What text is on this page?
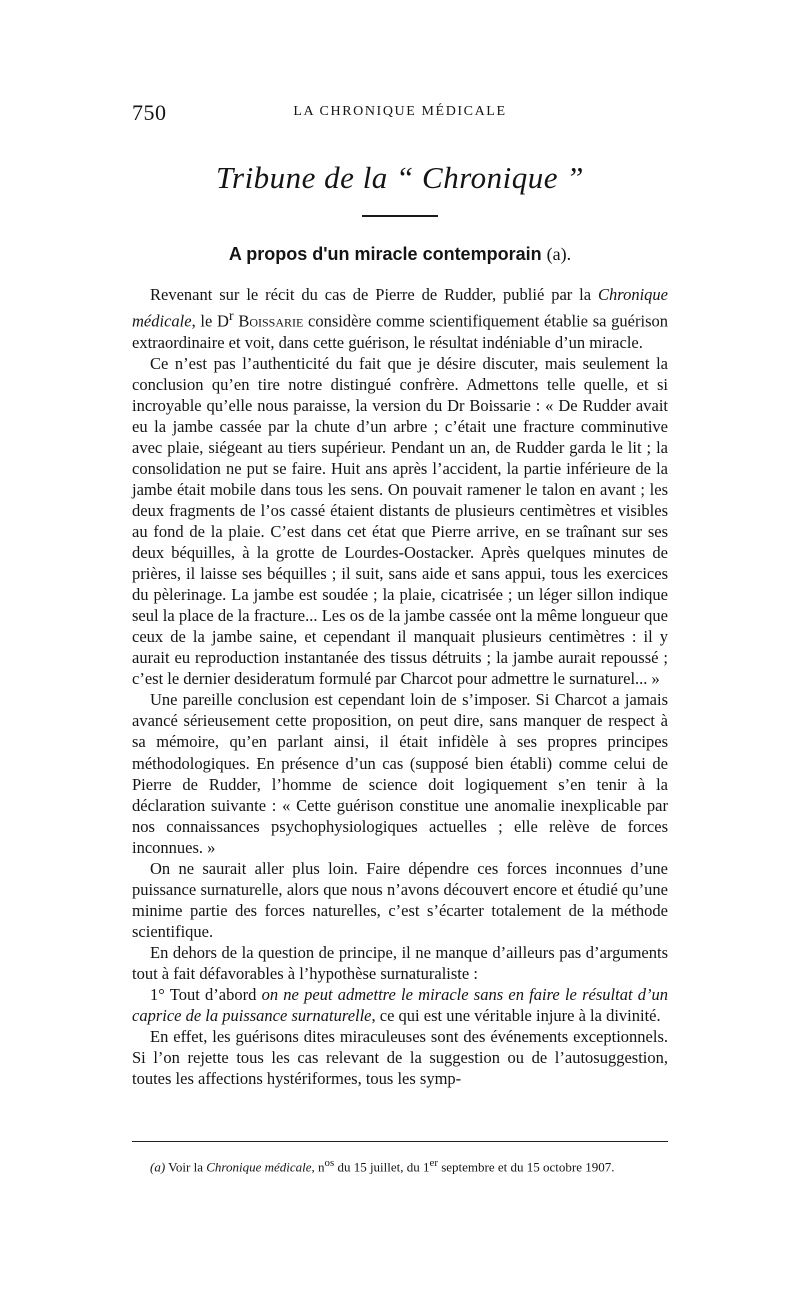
750	LA CHRONIQUE MÉDICALE
Tribune de la “ Chronique ”
A propos d'un miracle contemporain (a).

Revenant sur le récit du cas de Pierre de Rudder, publié par la Chronique médicale, le $D^r$ Boissarie considère comme scientifiquement établie sa guérison extraordinaire et voit, dans cette guérison, le résultat indéniable d’un miracle.

Ce n’est pas l’authenticité du fait que je désire discuter, mais seulement la conclusion qu’en tire notre distingué confrère. Admettons telle quelle, et si incroyable qu’elle nous paraisse, la version du Dr Boissarie : « De Rudder avait eu la jambe cassée par la chute d’un arbre ; c’était une fracture comminutive avec plaie, siégeant au tiers supérieur. Pendant un an, de Rudder garda le lit ; la consolidation ne put se faire. Huit ans après l’accident, la partie inférieure de la jambe était mobile dans tous les sens. On pouvait ramener le talon en avant ; les deux fragments de l’os cassé étaient distants de plusieurs centimètres et visibles au fond de la plaie. C’est dans cet état que Pierre arrive, en se traînant sur ses deux béquilles, à la grotte de Lourdes-Oostacker. Après quelques minutes de prières, il laisse ses béquilles ; il suit, sans aide et sans appui, tous les exercices du pèlerinage. La jambe est soudée ; la plaie, cicatrisée ; un léger sillon indique seul la place de la fracture... Les os de la jambe cassée ont la même longueur que ceux de la jambe saine, et cependant il manquait plusieurs centimètres : il y aurait eu reproduction instantanée des tissus détruits ; la jambe aurait repoussé ; c’est le dernier desideratum formulé par Charcot pour admettre le surnaturel... »

Une pareille conclusion est cependant loin de s’imposer. Si Charcot a jamais avancé sérieusement cette proposition, on peut dire, sans manquer de respect à sa mémoire, qu’en parlant ainsi, il était infidèle à ses propres principes méthodologiques. En présence d’un cas (supposé bien établi) comme celui de Pierre de Rudder, l’homme de science doit logiquement s’en tenir à la déclaration suivante : « Cette guérison constitue une anomalie inexplicable par nos connaissances psychophysiologiques actuelles ; elle relève de forces inconnues. »

On ne saurait aller plus loin. Faire dépendre ces forces inconnues d’une puissance surnaturelle, alors que nous n’avons découvert encore et étudié qu’une minime partie des forces naturelles, c’est s’écarter totalement de la méthode scientifique.

En dehors de la question de principe, il ne manque d’ailleurs pas d’arguments tout à fait défavorables à l’hypothèse surnaturaliste :

1° Tout d’abord on ne peut admettre le miracle sans en faire le résultat d’un caprice de la puissance surnaturelle, ce qui est une véritable injure à la divinité.

En effet, les guérisons dites miraculeuses sont des événements exceptionnels. Si l’on rejette tous les cas relevant de la suggestion ou de l’autosuggestion, toutes les affections hystériformes, tous les symp-

(a) Voir la Chronique médicale, $n^{os}$ du 15 juillet, du 1er septembre et du 15 octobre 1907.
